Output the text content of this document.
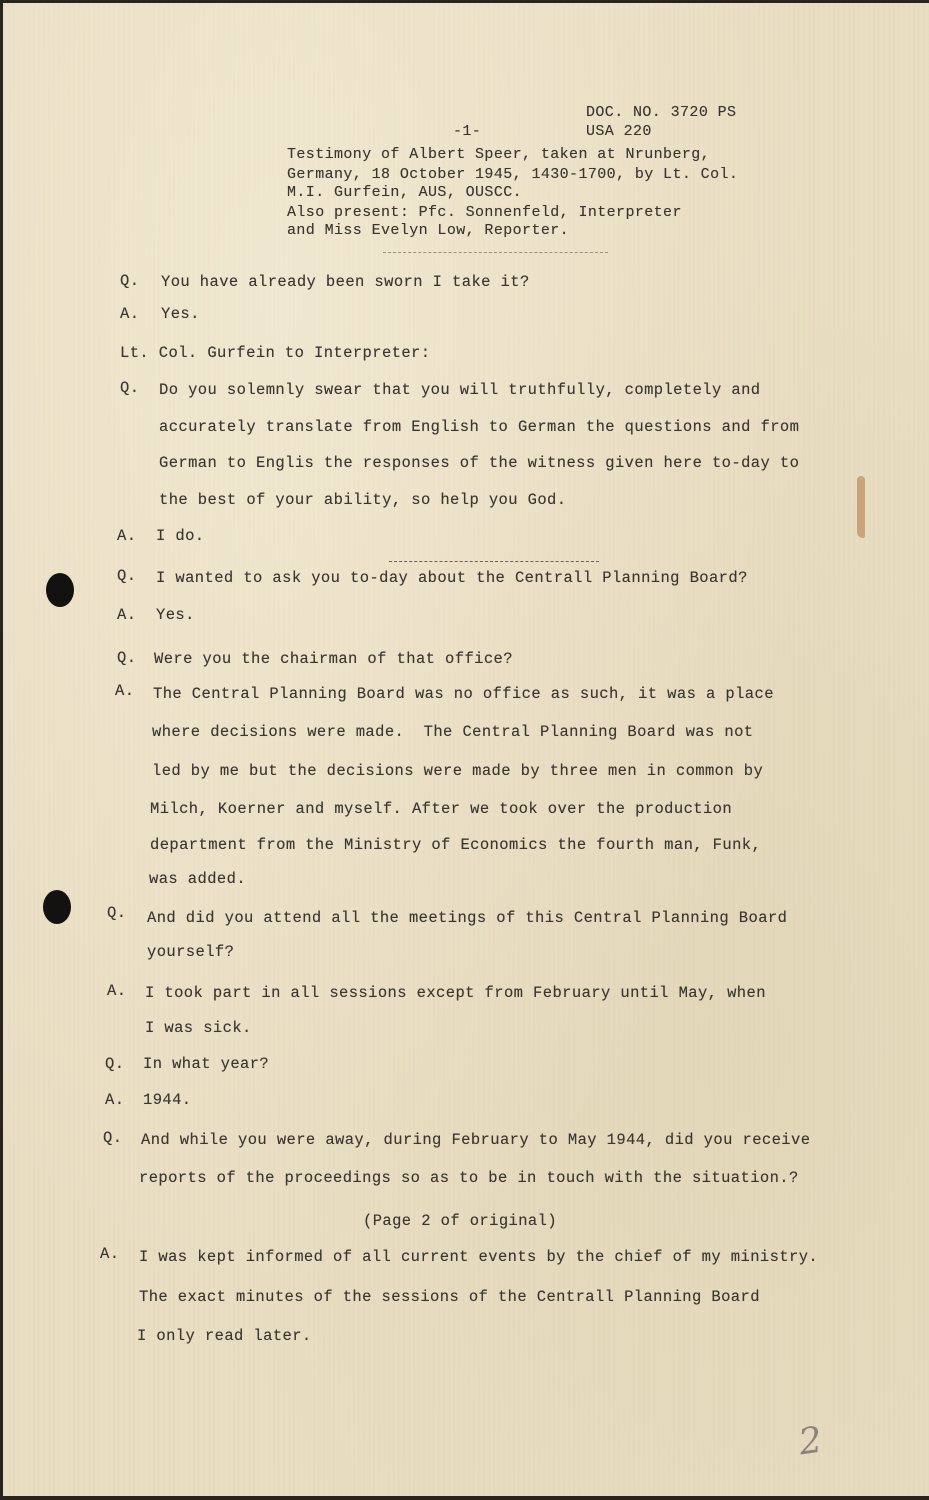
DOC. NO. 3720 PS
-1-	USA 220
Testimony of Albert Speer, taken at Nrunberg,
Germany, 18 October 1945, 1430-1700, by Lt. Col.
M.I. Gurfein, AUS, OUSCC.
Also present: Pfc. Sonnenfeld, Interpreter
and Miss Evelyn Low, Reporter.
Q. You have already been sworn I take it?
A. Yes.
Lt. Col. Gurfein to Interpreter:
Q. Do you solemnly swear that you will truthfully, completely and
accurately translate from English to German the questions and from
German to Englis the responses of the witness given here to-day to
the best of your ability, so help you God.
A. I do.
Q. I wanted to ask you to-day about the Centrall Planning Board?
A. Yes.
Q. Were you the chairman of that office?
A. The Central Planning Board was no office as such, it was a place
where decisions were made.  The Central Planning Board was not
led by me but the decisions were made by three men in common by
Milch, Koerner and myself. After we took over the production
department from the Ministry of Economics the fourth man, Funk,
was added.
Q. And did you attend all the meetings of this Central Planning Board
yourself?
A. I took part in all sessions except from February until May, when
I was sick.
Q. In what year?
A. 1944.
Q. And while you were away, during February to May 1944, did you receive
reports of the proceedings so as to be in touch with the situation.?
(Page 2 of original)
A. I was kept informed of all current events by the chief of my ministry.
The exact minutes of the sessions of the Centrall Planning Board
I only read later.
2
